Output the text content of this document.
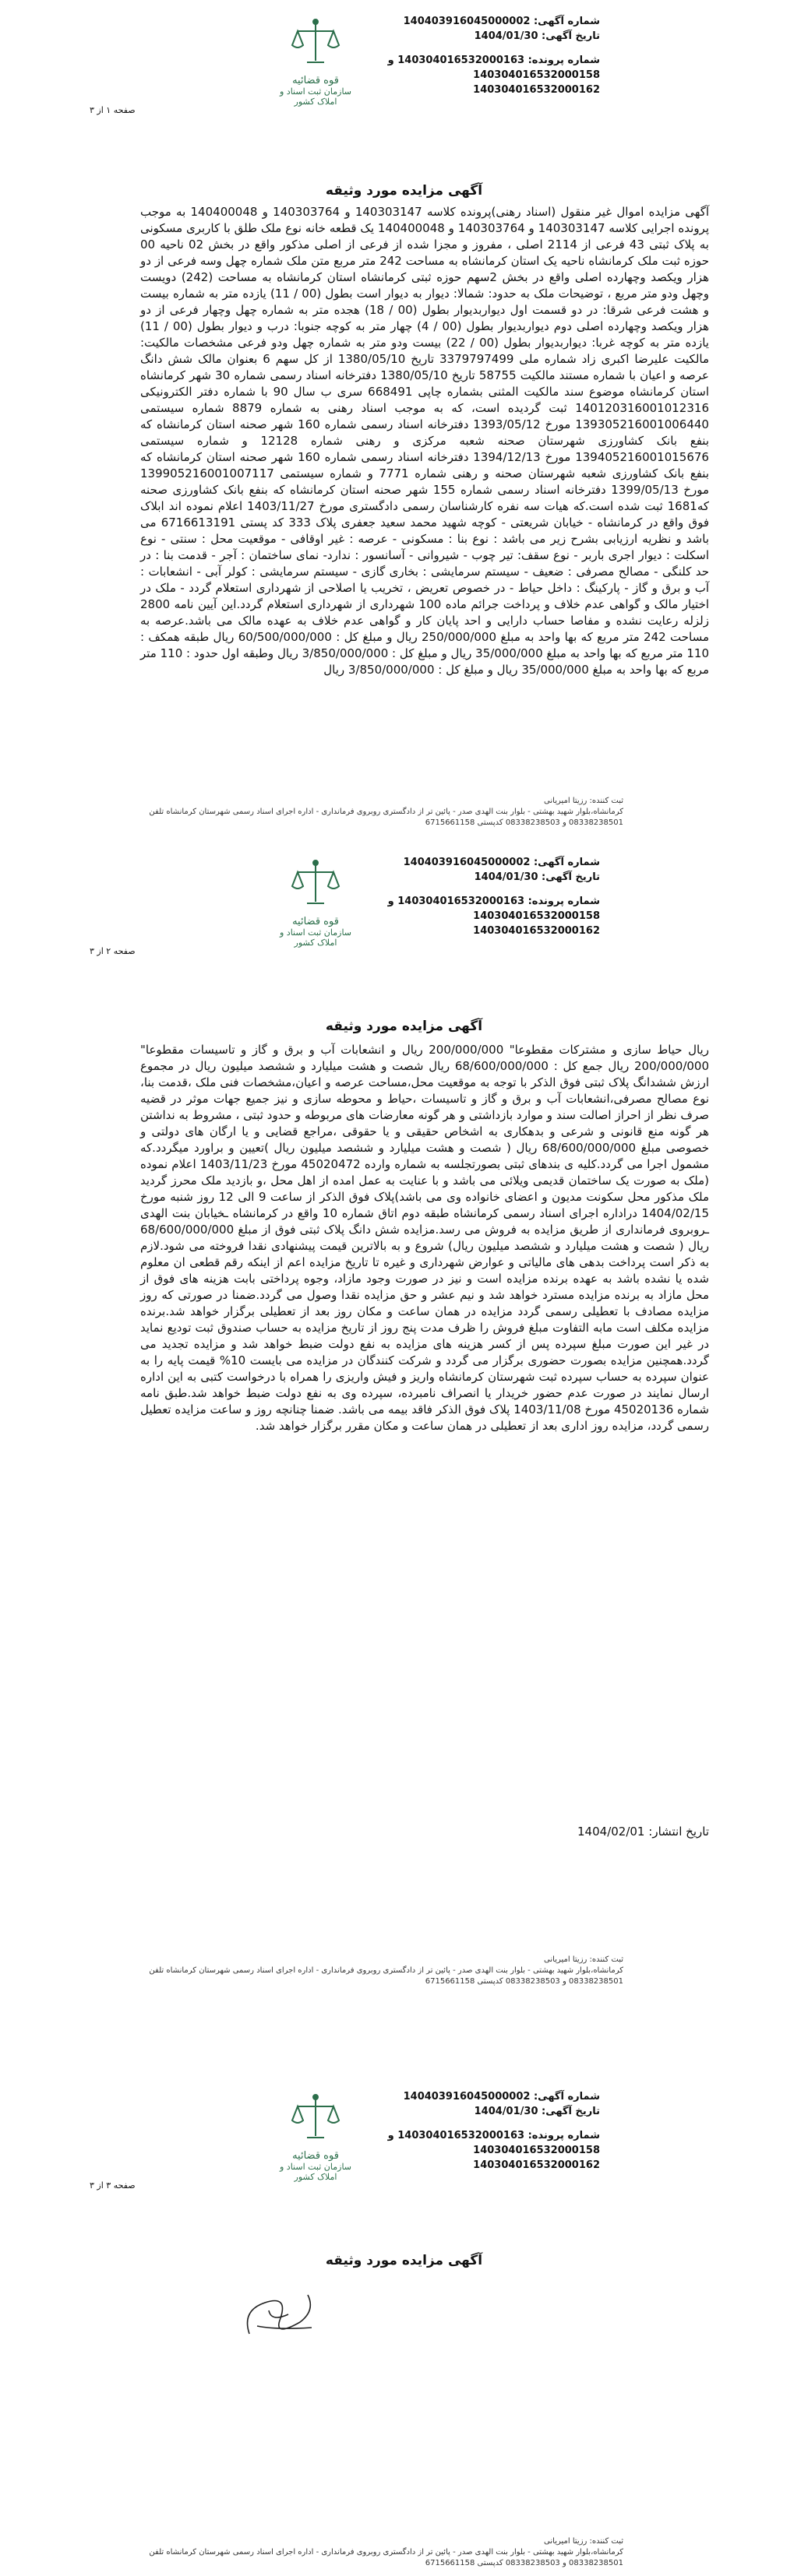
قوه قضائیه
سازمان ثبت اسناد و املاک کشور
شماره آگهی: 140403916045000002
تاریخ آگهی: 1404/01/30
شماره پرونده: 140304016532000163 و
140304016532000158
140304016532000162
صفحه ۱ از ۳
آگهی مزایده مورد وثیقه
آگهی مزایده اموال غیر منقول (اسناد رهنی)پرونده کلاسه 140303147 و 140303764 و 140400048 به موجب پرونده اجرایی کلاسه 140303147 و 140303764 و 140400048 یک قطعه خانه نوع ملک طلق با کاربری مسکونی به پلاک ثبتی 43 فرعی از 2114 اصلی ، مفروز و مجزا شده از فرعی از اصلی مذکور واقع در بخش 02 ناحیه 00 حوزه ثبت ملک کرمانشاه ناحیه یک استان کرمانشاه به مساحت 242 متر مربع متن ملک شماره چهل وسه فرعی از دو هزار ویکصد وچهارده اصلی واقع در بخش 2سهم حوزه ثبتی کرمانشاه استان کرمانشاه به مساحت (242) دویست وچهل ودو متر مربع ، توضیحات ملک به حدود: شمالا: دیوار به دیوار است بطول (00 / 11) یازده متر به شماره بیست و هشت فرعی شرقا: در دو قسمت اول دیواربدیوار بطول (00 / 18) هجده متر به شماره چهل وچهار فرعی از دو هزار ویکصد وچهارده اصلی دوم دیواربدیوار بطول (00 / 4) چهار متر به کوچه جنوبا: درب و دیوار بطول (00 / 11) یازده متر به کوچه غربا: دیواربدیوار بطول (00 / 22) بیست ودو متر به شماره چهل ودو فرعی مشخصات مالکیت: مالکیت علیرضا اکبری زاد شماره ملی 3379797499 تاریخ 1380/05/10 از کل سهم 6 بعنوان مالک شش دانگ عرصه و اعیان با شماره مستند مالکیت 58755 تاریخ 1380/05/10 دفترخانه اسناد رسمی شماره 30 شهر کرمانشاه استان کرمانشاه موضوع سند مالکیت المثنی بشماره چاپی 668491 سری ب سال 90 با شماره دفتر الکترونیکی 140120316001012316 ثبت گردیده است، که به موجب اسناد رهنی به شماره 8879 شماره سیستمی 139305216001006440 مورخ 1393/05/12 دفترخانه اسناد رسمی شماره 160 شهر صحنه استان کرمانشاه که بنفع بانک کشاورزی شهرستان صحنه شعبه مرکزی و رهنی شماره 12128 و شماره سیستمی 139405216001015676 مورخ 1394/12/13 دفترخانه اسناد رسمی شماره 160 شهر صحنه استان کرمانشاه که بنفع بانک کشاورزی شعبه شهرستان صحنه و رهنی شماره 7771 و شماره سیستمی 139905216001007117 مورخ 1399/05/13 دفترخانه اسناد رسمی شماره 155 شهر صحنه استان کرمانشاه که بنفع بانک کشاورزی صحنه که1681 ثبت شده است.که هیات سه نفره کارشناسان رسمی دادگستری مورخ 1403/11/27 اعلام نموده اند ابلاک فوق واقع در کرمانشاه - خیابان شریعتی - کوچه شهید محمد سعید جعفری پلاک 333 کد پستی 6716613191 می باشد و نظریه ارزیابی بشرح زیر می باشد : نوع بنا : مسکونی - عرصه : غیر اوقافی - موقعیت محل : سنتی - نوع اسکلت : دیوار اجری باربر - نوع سقف: تیر چوب - شیروانی - آسانسور : ندارد- نمای ساختمان : آجر - قدمت بنا : در حد کلنگی - مصالح مصرفی : ضعیف - سیستم سرمایشی : بخاری گازی - سیستم سرمایشی : کولر آبی - انشعابات : آب و برق و گاز - پارکینگ : داخل حیاط - در خصوص تعریض ، تخریب یا اصلاحی از شهرداری استعلام گردد - ملک در اختیار مالک و گواهی عدم خلاف و پرداخت جرائم ماده 100 شهرداری از شهرداری استعلام گردد.این آیین نامه 2800 زلزله رعایت نشده و مفاصا حساب دارایی و احد پایان کار و گواهی عدم خلاف به عهده مالک می باشد.عرصه به مساحت 242 متر مربع که بها واحد به مبلغ 250/000/000 ریال و مبلغ کل : 60/500/000/000 ریال طبقه همکف : 110 متر مربع که بها واحد به مبلغ 35/000/000 ریال و مبلغ کل : 3/850/000/000 ریال وطبقه اول حدود : 110 متر مربع که بها واحد به مبلغ 35/000/000 ریال و مبلغ کل : 3/850/000/000 ریال
ثبت کننده: رزیتا امیریانی
کرمانشاه،بلوار شهید بهشتی - بلوار بنت الهدی صدر - پائین تر از دادگستری روبروی فرمانداری - اداره اجرای اسناد رسمی شهرستان کرمانشاه تلفن 08338238501 و 08338238503 کدپستی 6715661158
قوه قضائیه
سازمان ثبت اسناد و املاک کشور
شماره آگهی: 140403916045000002
تاریخ آگهی: 1404/01/30
شماره پرونده: 140304016532000163 و
140304016532000158
140304016532000162
صفحه ۲ از ۳
آگهی مزایده مورد وثیقه
ریال حیاط سازی و مشترکات مقطوعا" 200/000/000 ریال و انشعابات آب و برق و گاز و تاسیسات مقطوعا" 200/000/000 ریال جمع کل : 68/600/000/000 ریال شصت و هشت میلیارد و ششصد میلیون ریال در مجموع ارزش ششدانگ پلاک ثبتی فوق الذکر با توجه به موقعیت محل،مساحت عرصه و اعیان،مشخصات فنی ملک ،قدمت بنا، نوع مصالح مصرفی،انشعابات آب و برق و گاز و تاسیسات ،حیاط و محوطه سازی و نیز جمیع جهات موثر در قضیه صرف نظر از احراز اصالت سند و موارد بازداشتی و هر گونه معارضات های مربوطه و حدود ثبتی ، مشروط به نداشتن هر گونه منع قانونی و شرعی و بدهکاری به اشخاص حقیقی و یا حقوقی ،مراجع قضایی و یا ارگان های دولتی و خصوصی مبلغ 68/600/000/000 ریال ( شصت و هشت میلیارد و ششصد میلیون ریال )تعیین و براورد میگردد.که مشمول اجرا می گردد.کلیه ی بندهای ثبتی بصورتجلسه به شماره وارده 45020472 مورخ 1403/11/23 اعلام نموده (ملک به صورت یک ساختمان قدیمی ویلائی می باشد و با عنایت به عمل امده از اهل محل ،و بازدید ملک محرز گردید ملک مذکور محل سکونت مدیون و اعضای خانواده وی می باشد)پلاک فوق الذکر از ساعت 9 الی 12 روز شنبه مورخ 1404/02/15 دراداره اجرای اسناد رسمی کرمانشاه طبقه دوم اتاق شماره 10 واقع در کرمانشاه ـخیابان بنت الهدی ـروبروی فرمانداری از طریق مزایده به فروش می رسد.مزایده شش دانگ پلاک ثبتی فوق از مبلغ 68/600/000/000 ریال ( شصت و هشت میلیارد و ششصد میلیون ریال) شروع و به بالاترین قیمت پیشنهادی نقدا فروخته می شود.لازم به ذکر است پرداخت بدهی های مالیاتی و عوارض شهرداری و غیره تا تاریخ مزایده اعم از اینکه رقم قطعی ان معلوم شده یا نشده باشد به عهده برنده مزایده است و نیز در صورت وجود مازاد، وجوه پرداختی بابت هزینه های فوق از محل مازاد به برنده مزایده مسترد خواهد شد و نیم عشر و حق مزایده نقدا وصول می گردد.ضمنا در صورتی که روز مزایده مصادف با تعطیلی رسمی گردد مزایده در همان ساعت و مکان روز بعد از تعطیلی برگزار خواهد شد.برنده مزایده مکلف است مابه التفاوت مبلغ فروش را ظرف مدت پنج روز از تاریخ مزایده به حساب صندوق ثبت تودیع نماید در غیر این صورت مبلغ سپرده پس از کسر هزینه های مزایده به نفع دولت ضبط خواهد شد و مزایده تجدید می گردد.همچنین مزایده بصورت حضوری برگزار می گردد و شرکت کنندگان در مزایده می بایست 10% قیمت پایه را به عنوان سپرده به حساب سپرده ثبت شهرستان کرمانشاه واریز و فیش واریزی را همراه با درخواست کتبی به این اداره ارسال نمایند در صورت عدم حضور خریدار یا انصراف نامبرده، سپرده وی به نفع دولت ضبط خواهد شد.طبق نامه شماره 45020136 مورخ 1403/11/08 پلاک فوق الذکر فاقد بیمه می باشد. ضمنا چنانچه روز و ساعت مزایده تعطیل رسمی گردد، مزایده روز اداری بعد از تعطیلی در همان ساعت و مکان مقرر برگزار خواهد شد.
تاریخ انتشار: 1404/02/01
ثبت کننده: رزیتا امیریانی
کرمانشاه،بلوار شهید بهشتی - بلوار بنت الهدی صدر - پائین تر از دادگستری روبروی فرمانداری - اداره اجرای اسناد رسمی شهرستان کرمانشاه تلفن 08338238501 و 08338238503 کدپستی 6715661158
قوه قضائیه
سازمان ثبت اسناد و املاک کشور
شماره آگهی: 140403916045000002
تاریخ آگهی: 1404/01/30
شماره پرونده: 140304016532000163 و
140304016532000158
140304016532000162
صفحه ۳ از ۳
آگهی مزایده مورد وثیقه
ثبت کننده: رزیتا امیریانی
کرمانشاه،بلوار شهید بهشتی - بلوار بنت الهدی صدر - پائین تر از دادگستری روبروی فرمانداری - اداره اجرای اسناد رسمی شهرستان کرمانشاه تلفن 08338238501 و 08338238503 کدپستی 6715661158
